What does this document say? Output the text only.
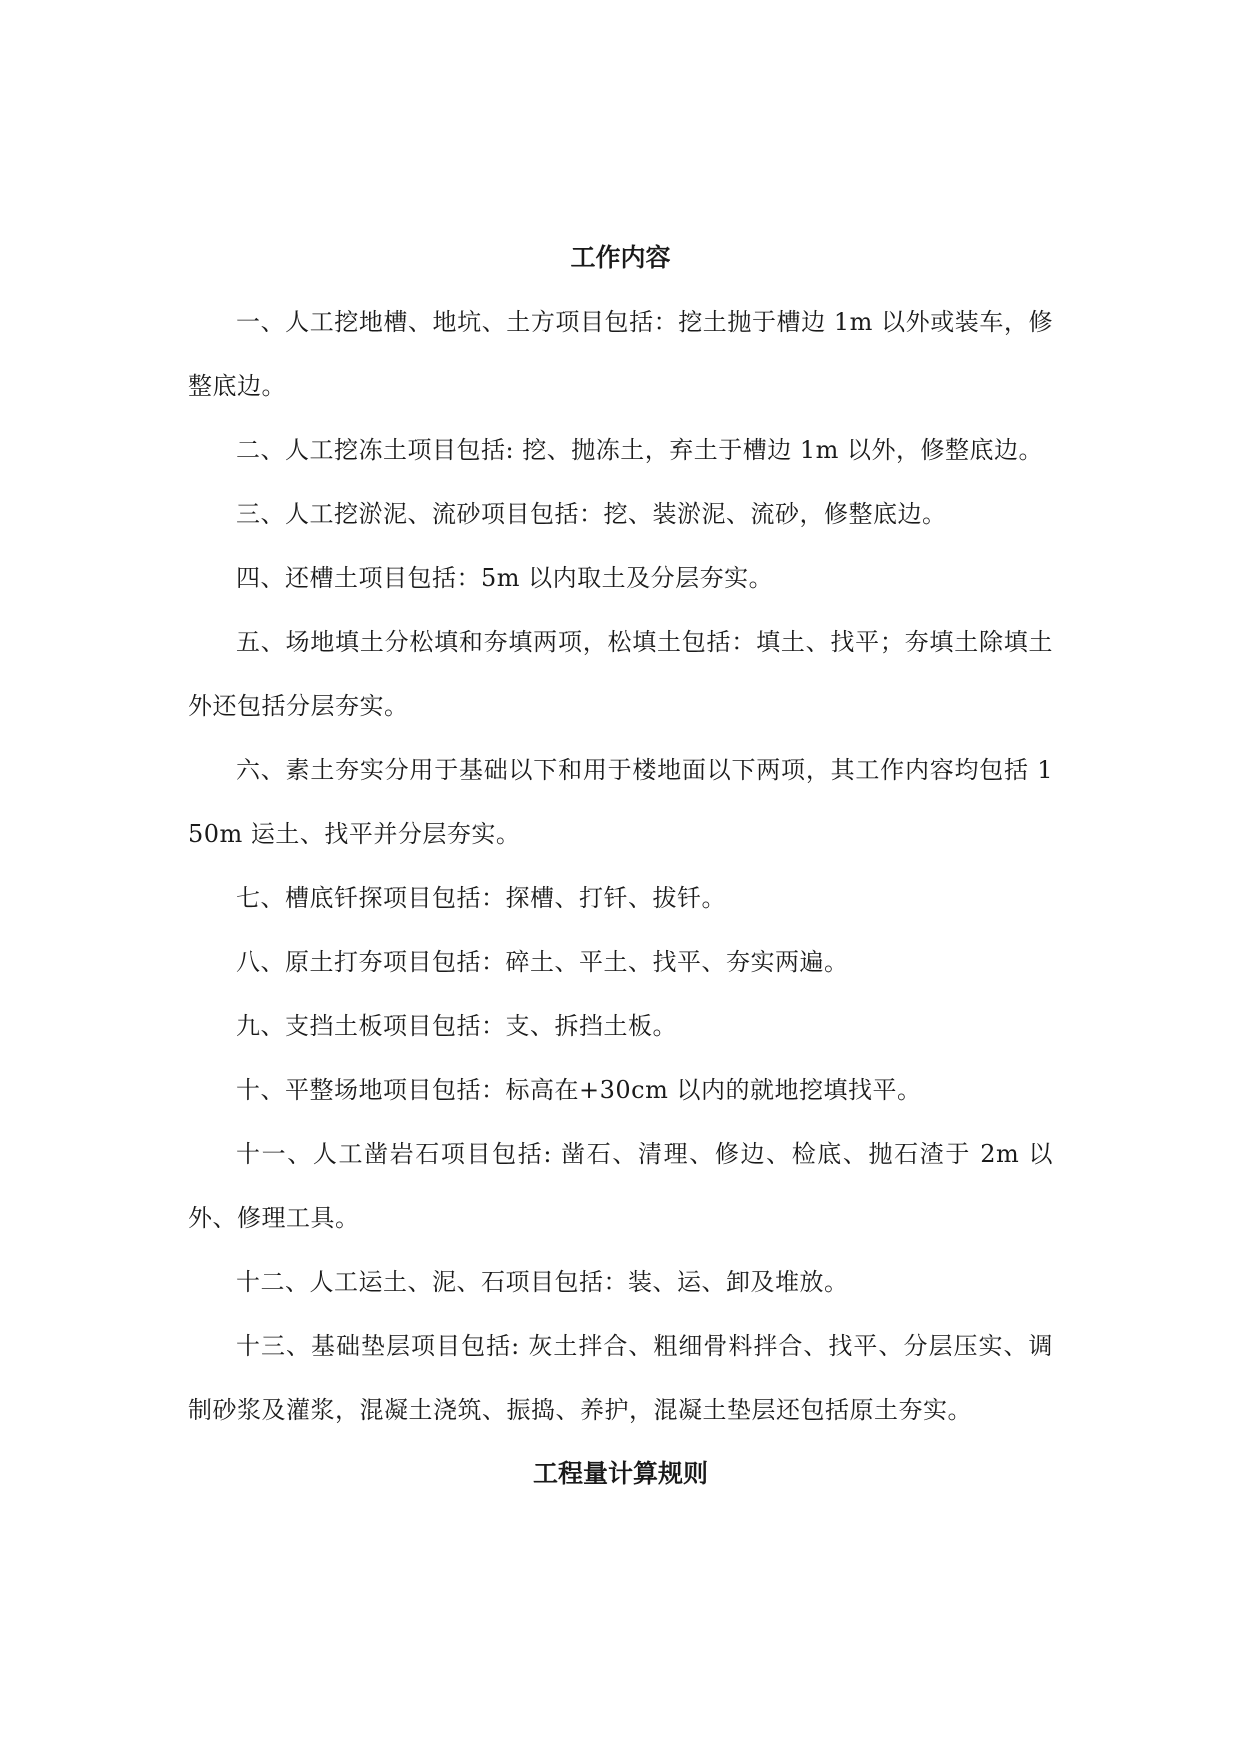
工作内容

一、人工挖地槽、地坑、土方项目包括：挖土抛于槽边 1m 以外或装车，修整底边。

二、人工挖冻土项目包括: 挖、抛冻土，弃土于槽边 1m 以外，修整底边。

三、人工挖淤泥、流砂项目包括：挖、装淤泥、流砂，修整底边。

四、还槽土项目包括：5m 以内取土及分层夯实。

五、场地填土分松填和夯填两项，松填土包括：填土、找平；夯填土除填土外还包括分层夯实。

六、素土夯实分用于基础以下和用于楼地面以下两项，其工作内容均包括 150m 运土、找平并分层夯实。

七、槽底钎探项目包括：探槽、打钎、拔钎。

八、原土打夯项目包括：碎土、平土、找平、夯实两遍。

九、支挡土板项目包括：支、拆挡土板。

十、平整场地项目包括：标高在+30cm 以内的就地挖填找平。

十一、人工凿岩石项目包括: 凿石、清理、修边、检底、抛石渣于 2m 以外、修理工具。

十二、人工运土、泥、石项目包括：装、运、卸及堆放。

十三、基础垫层项目包括: 灰土拌合、粗细骨料拌合、找平、分层压实、调制砂浆及灌浆，混凝土浇筑、振捣、养护，混凝土垫层还包括原土夯实。

工程量计算规则
